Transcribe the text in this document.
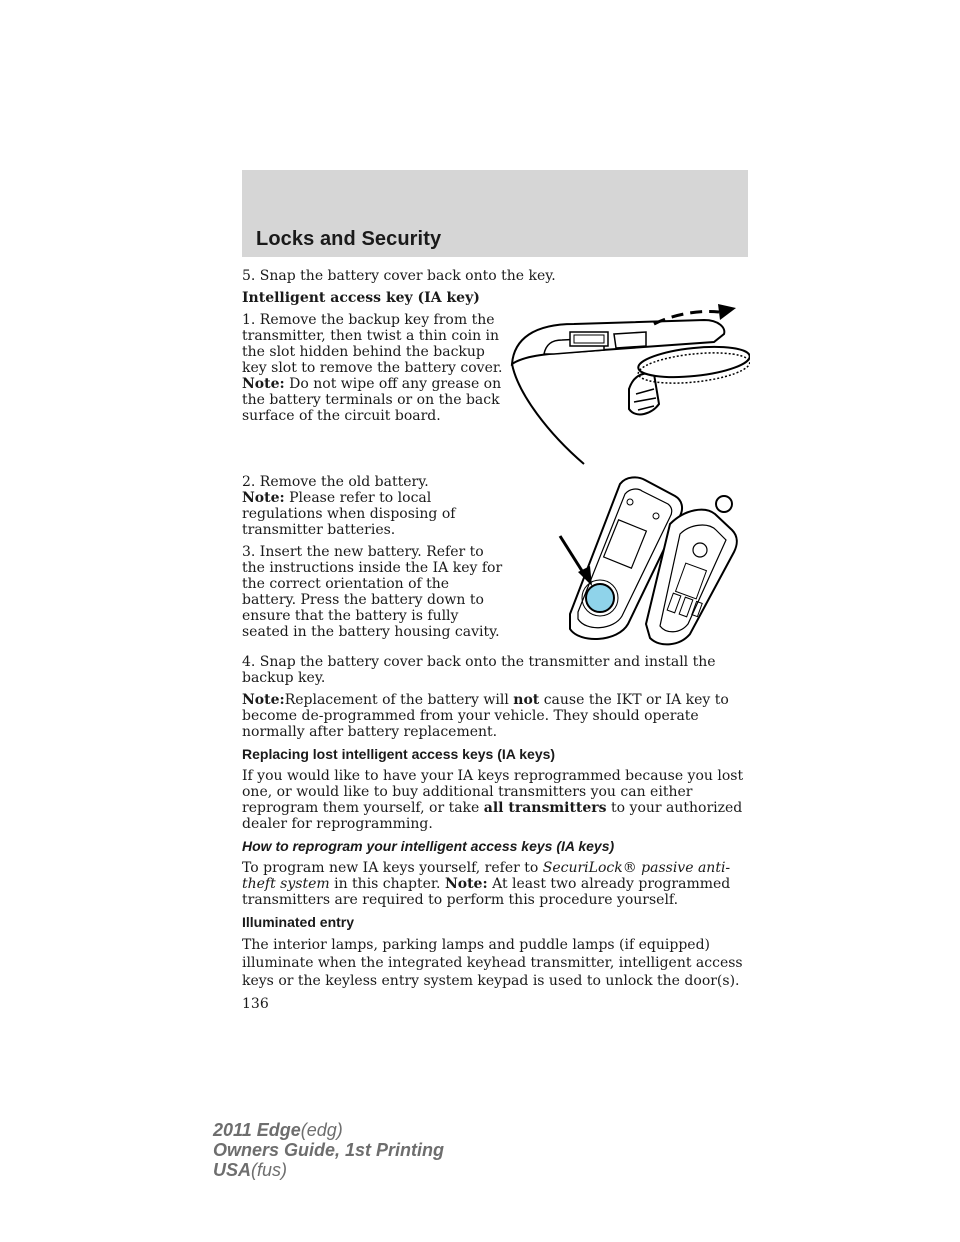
Locks and Security

5. Snap the battery cover back onto the key.

Intelligent access key (IA key)

1. Remove the backup key from the transmitter, then twist a thin coin in the slot hidden behind the backup key slot to remove the battery cover.

Note: Do not wipe off any grease on the battery terminals or on the back surface of the circuit board.

2. Remove the old battery.

Note: Please refer to local regulations when disposing of transmitter batteries.

3. Insert the new battery. Refer to the instructions inside the IA key for the correct orientation of the battery. Press the battery down to ensure that the battery is fully seated in the battery housing cavity.

4. Snap the battery cover back onto the transmitter and install the backup key.

Note:Replacement of the battery will not cause the IKT or IA key to become de-programmed from your vehicle. They should operate normally after battery replacement.

Replacing lost intelligent access keys (IA keys)

If you would like to have your IA keys reprogrammed because you lost one, or would like to buy additional transmitters you can either reprogram them yourself, or take all transmitters to your authorized dealer for reprogramming.

How to reprogram your intelligent access keys (IA keys)

To program new IA keys yourself, refer to SecuriLock® passive anti-theft system in this chapter. Note: At least two already programmed transmitters are required to perform this procedure yourself.

Illuminated entry

The interior lamps, parking lamps and puddle lamps (if equipped) illuminate when the integrated keyhead transmitter, intelligent access keys or the keyless entry system keypad is used to unlock the door(s).

136
2011 Edge(edg)
Owners Guide, 1st Printing
USA(fus)
